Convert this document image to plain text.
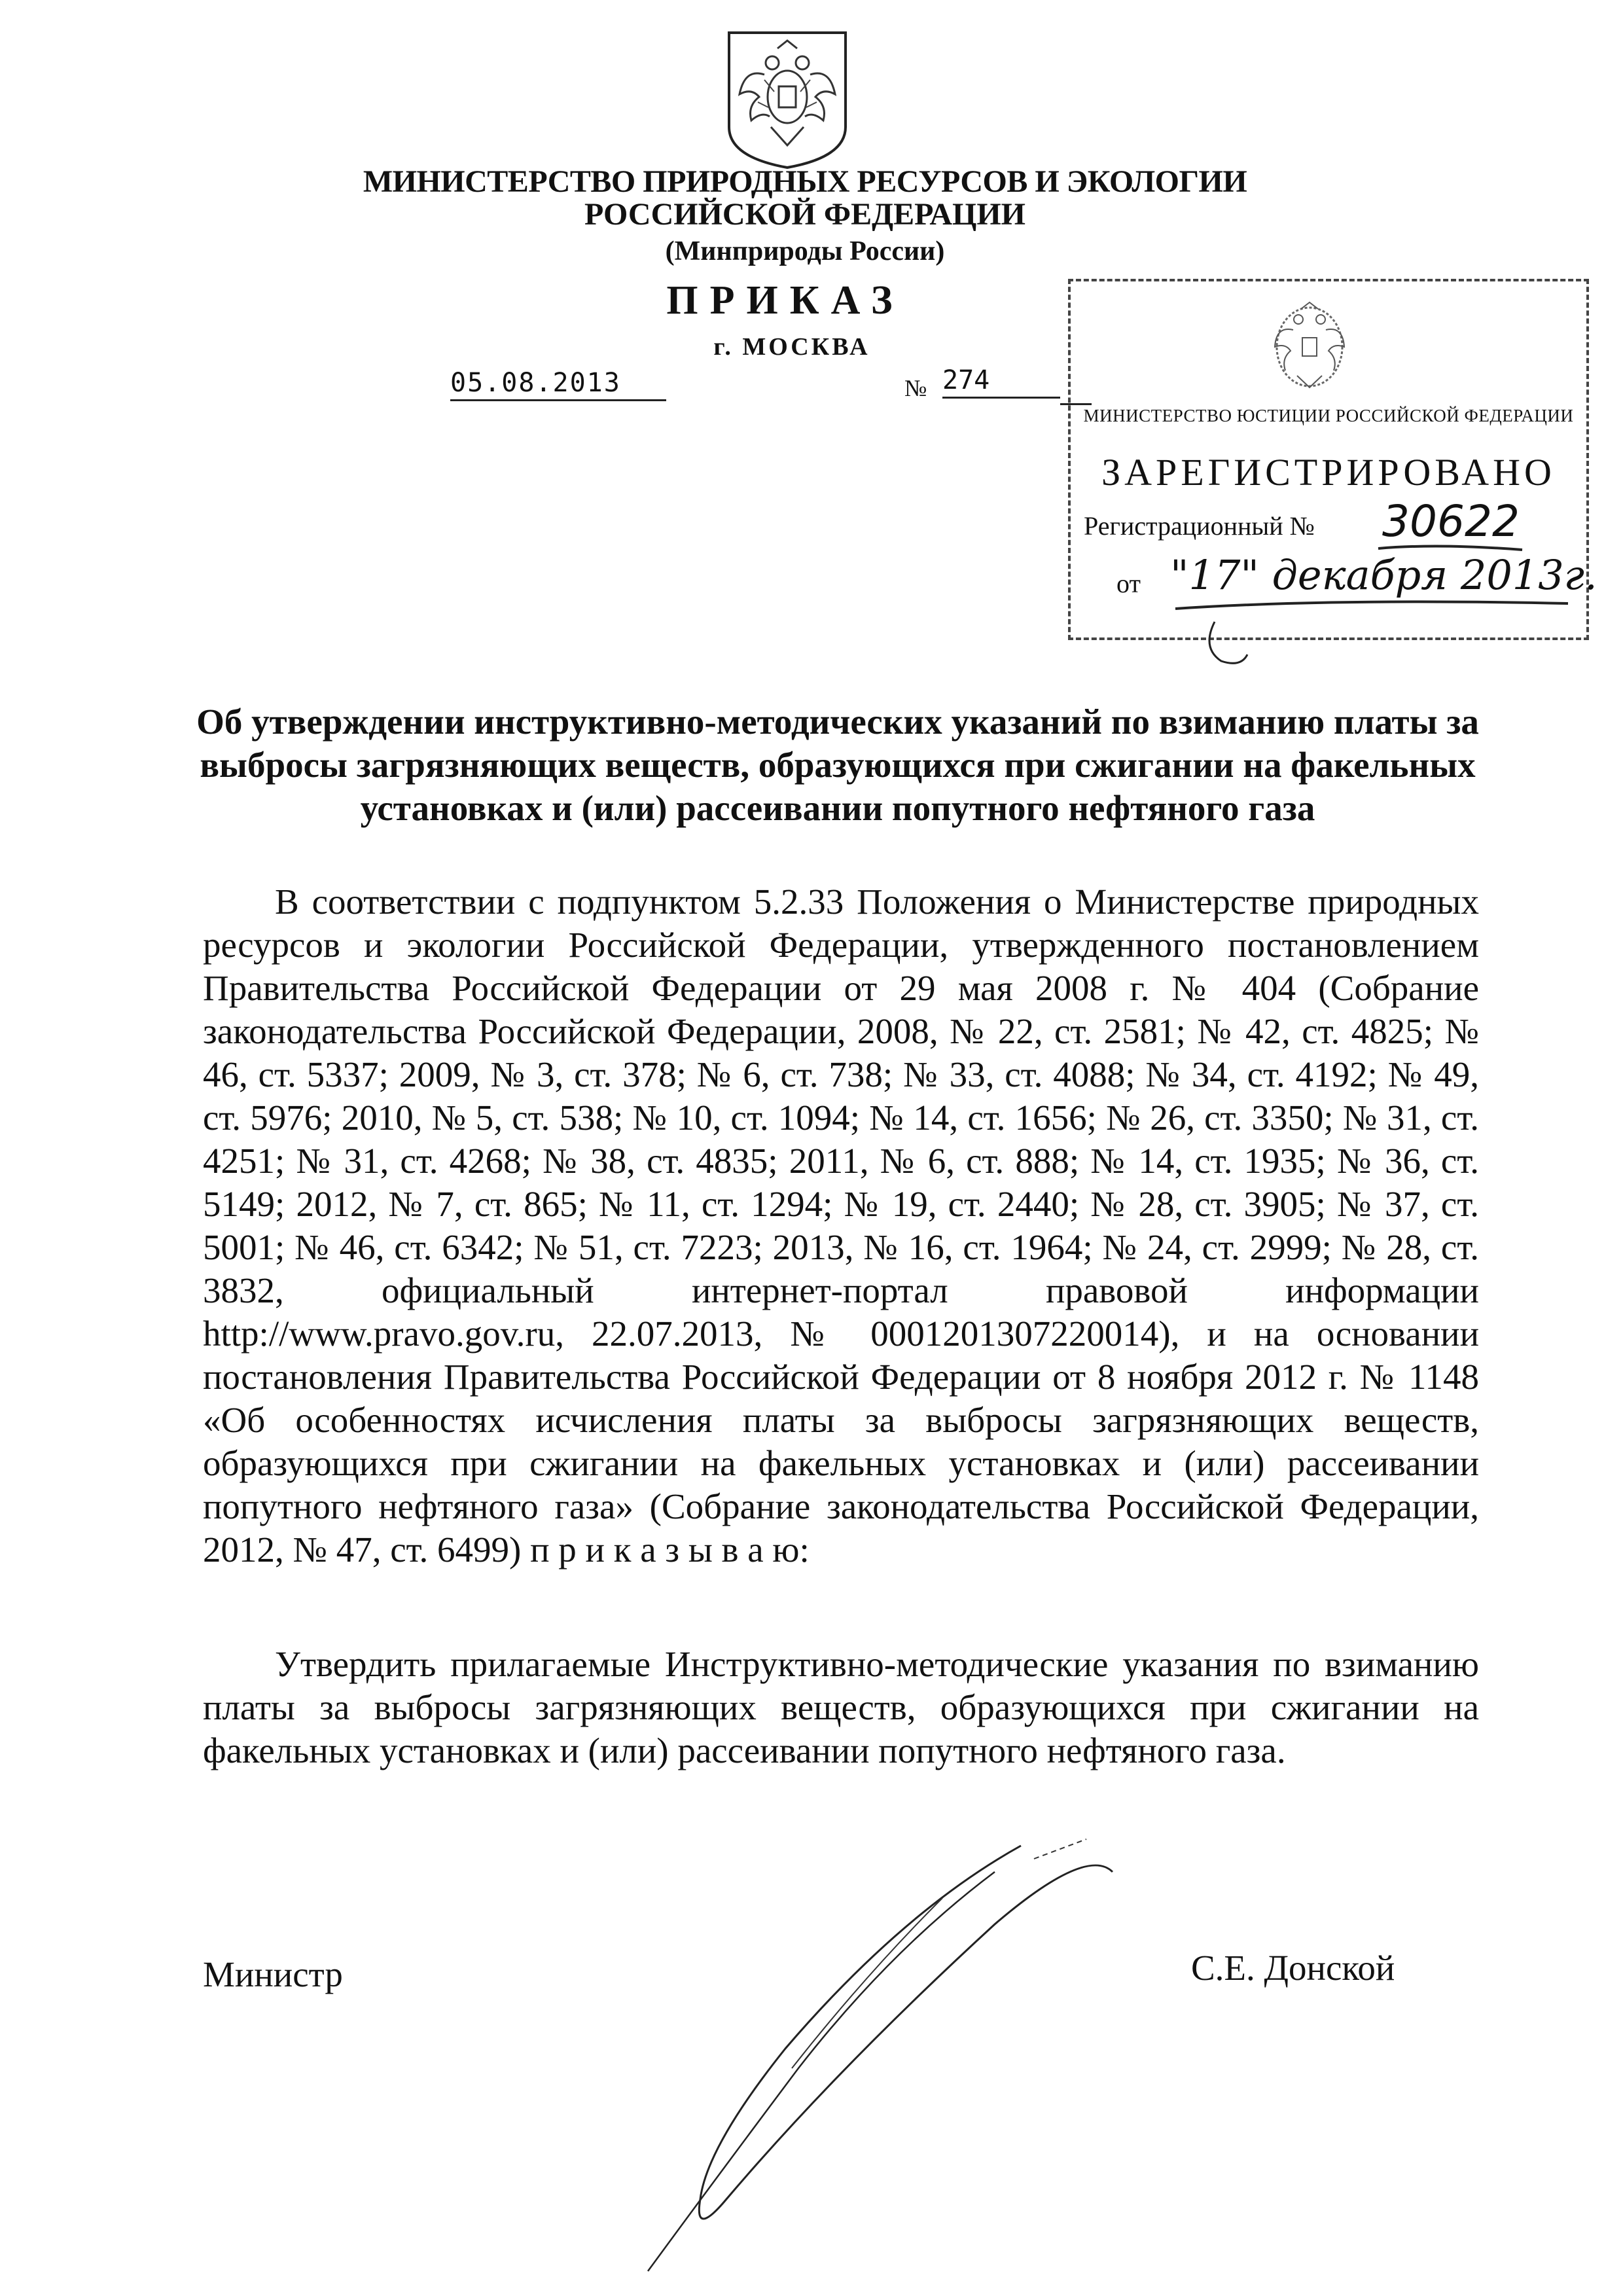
МИНИСТЕРСТВО ПРИРОДНЫХ РЕСУРСОВ И ЭКОЛОГИИ
РОССИЙСКОЙ ФЕДЕРАЦИИ
(Минприроды России)
ПРИКАЗ
г. МОСКВА
05.08.2013	№ 274
МИНИСТЕРСТВО ЮСТИЦИИ РОССИЙСКОЙ ФЕДЕРАЦИИ
ЗАРЕГИСТРИРОВАНО
Регистрационный № 30622
от "17" декабря 2013г.
Об утверждении инструктивно-методических указаний по взиманию платы за выбросы загрязняющих веществ, образующихся при сжигании на факельных установках и (или) рассеивании попутного нефтяного газа
В соответствии с подпунктом 5.2.33 Положения о Министерстве природных ресурсов и экологии Российской Федерации, утвержденного постановлением Правительства Российской Федерации от 29 мая 2008 г. № 404 (Собрание законодательства Российской Федерации, 2008, № 22, ст. 2581; № 42, ст. 4825; № 46, ст. 5337; 2009, № 3, ст. 378; № 6, ст. 738; № 33, ст. 4088; № 34, ст. 4192; № 49, ст. 5976; 2010, № 5, ст. 538; № 10, ст. 1094; № 14, ст. 1656; № 26, ст. 3350; № 31, ст. 4251; № 31, ст. 4268; № 38, ст. 4835; 2011, № 6, ст. 888; № 14, ст. 1935; № 36, ст. 5149; 2012, № 7, ст. 865; № 11, ст. 1294; № 19, ст. 2440; № 28, ст. 3905; № 37, ст. 5001; № 46, ст. 6342; № 51, ст. 7223; 2013, № 16, ст. 1964; № 24, ст. 2999; № 28, ст. 3832, официальный интернет-портал правовой информации http://www.pravo.gov.ru, 22.07.2013, № 0001201307220014), и на основании постановления Правительства Российской Федерации от 8 ноября 2012 г. № 1148 «Об особенностях исчисления платы за выбросы загрязняющих веществ, образующихся при сжигании на факельных установках и (или) рассеивании попутного нефтяного газа» (Собрание законодательства Российской Федерации, 2012, № 47, ст. 6499) п р и к а з ы в а ю:
Утвердить прилагаемые Инструктивно-методические указания по взиманию платы за выбросы загрязняющих веществ, образующихся при сжигании на факельных установках и (или) рассеивании попутного нефтяного газа.
Министр	С.Е. Донской
